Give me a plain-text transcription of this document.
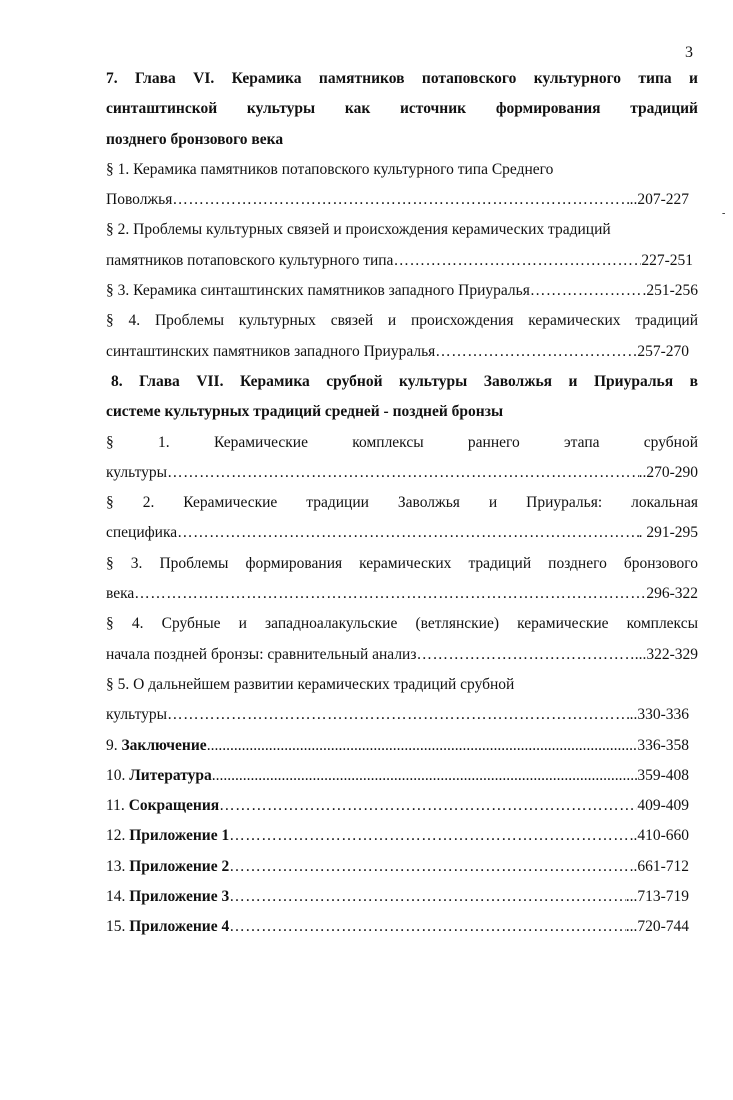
3
-
7. Глава VI. Керамика памятников потаповского культурного типа и
синташтинской культуры как источник формирования традиций
позднего бронзового века
§ 1. Керамика памятников потаповского культурного типа Среднего
Поволжья ………………………………………………………………………………………………………………………………………………………………………………………………………………………………………………………………	..207-227
§ 2. Проблемы культурных связей и происхождения керамических традиций
памятников потаповского культурного типа ………………………………………………………………………………………………………………………………………………………………………………………………………………………………………………………………	227-251
§ 3. Керамика синташтинских памятников западного Приуралья ………………………………………………………………………………………………………………………………………………………………………………………………………………………………………………………………	251-256
§ 4. Проблемы культурных связей и происхождения керамических традиций
синташтинских памятников западного Приуралья ………………………………………………………………………………………………………………………………………………………………………………………………………………………………………………………………	257-270
8. Глава VII. Керамика срубной культуры Заволжья и Приуралья в
системе культурных традиций средней - поздней бронзы
§ 1. Керамические комплексы раннего этапа срубной
культуры ………………………………………………………………………………………………………………………………………………………………………………………………………………………………………………………………	..270-290
§ 2. Керамические традиции Заволжья и Приуралья: локальная
специфика ………………………………………………………………………………………………………………………………………………………………………………………………………………………………………………………………	. 291-295
§ 3. Проблемы формирования керамических традиций позднего бронзового
века ………………………………………………………………………………………………………………………………………………………………………………………………………………………………………………………………	296-322
§ 4. Срубные и западноалакульские (ветлянские) керамические комплексы
начала поздней бронзы: сравнительный анализ ………………………………………………………………………………………………………………………………………………………………………………………………………………………………………………………………	...322-329
§ 5. О дальнейшем развитии керамических традиций срубной
культуры ………………………………………………………………………………………………………………………………………………………………………………………………………………………………………………………………	..330-336
9.
Заключение .....	336-358
10.
Литература .....	359-408
11.
Сокращения ………………………………………………………………………………………………………………………………………………………………………………………………………………………………………………………………	409-409
12.
Приложение 1 ………………………………………………………………………………………………………………………………………………………………………………………………………………………………………………………………	..410-660
13.
Приложение 2 ………………………………………………………………………………………………………………………………………………………………………………………………………………………………………………………………	..661-712
14.
Приложение 3 ………………………………………………………………………………………………………………………………………………………………………………………………………………………………………………………………	...713-719
15.
Приложение 4 ………………………………………………………………………………………………………………………………………………………………………………………………………………………………………………………………	...720-744
